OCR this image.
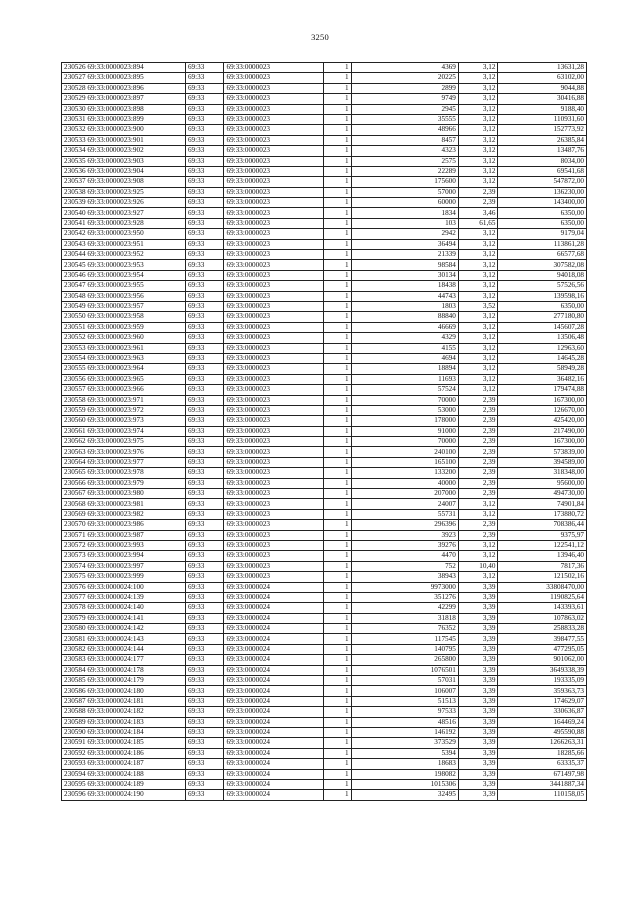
3250
230526 69:33:0000023:894	69:33	69:33:0000023	1	4369	3,12	13631,28
230527 69:33:0000023:895	69:33	69:33:0000023	1	20225	3,12	63102,00
230528 69:33:0000023:896	69:33	69:33:0000023	1	2899	3,12	9044,88
230529 69:33:0000023:897	69:33	69:33:0000023	1	9749	3,12	30416,88
230530 69:33:0000023:898	69:33	69:33:0000023	1	2945	3,12	9188,40
230531 69:33:0000023:899	69:33	69:33:0000023	1	35555	3,12	110931,60
230532 69:33:0000023:900	69:33	69:33:0000023	1	48966	3,12	152773,92
230533 69:33:0000023:901	69:33	69:33:0000023	1	8457	3,12	26385,84
230534 69:33:0000023:902	69:33	69:33:0000023	1	4323	3,12	13487,76
230535 69:33:0000023:903	69:33	69:33:0000023	1	2575	3,12	8034,00
230536 69:33:0000023:904	69:33	69:33:0000023	1	22289	3,12	69541,68
230537 69:33:0000023:908	69:33	69:33:0000023	1	175600	3,12	547872,00
230538 69:33:0000023:925	69:33	69:33:0000023	1	57000	2,39	136230,00
230539 69:33:0000023:926	69:33	69:33:0000023	1	60000	2,39	143400,00
230540 69:33:0000023:927	69:33	69:33:0000023	1	1834	3,46	6350,00
230541 69:33:0000023:928	69:33	69:33:0000023	1	103	61,65	6350,00
230542 69:33:0000023:950	69:33	69:33:0000023	1	2942	3,12	9179,04
230543 69:33:0000023:951	69:33	69:33:0000023	1	36494	3,12	113861,28
230544 69:33:0000023:952	69:33	69:33:0000023	1	21339	3,12	66577,68
230545 69:33:0000023:953	69:33	69:33:0000023	1	98584	3,12	307582,08
230546 69:33:0000023:954	69:33	69:33:0000023	1	30134	3,12	94018,08
230547 69:33:0000023:955	69:33	69:33:0000023	1	18438	3,12	57526,56
230548 69:33:0000023:956	69:33	69:33:0000023	1	44743	3,12	139598,16
230549 69:33:0000023:957	69:33	69:33:0000023	1	1803	3,52	6350,00
230550 69:33:0000023:958	69:33	69:33:0000023	1	88840	3,12	277180,80
230551 69:33:0000023:959	69:33	69:33:0000023	1	46669	3,12	145607,28
230552 69:33:0000023:960	69:33	69:33:0000023	1	4329	3,12	13506,48
230553 69:33:0000023:961	69:33	69:33:0000023	1	4155	3,12	12963,60
230554 69:33:0000023:963	69:33	69:33:0000023	1	4694	3,12	14645,28
230555 69:33:0000023:964	69:33	69:33:0000023	1	18894	3,12	58949,28
230556 69:33:0000023:965	69:33	69:33:0000023	1	11693	3,12	36482,16
230557 69:33:0000023:966	69:33	69:33:0000023	1	57524	3,12	179474,88
230558 69:33:0000023:971	69:33	69:33:0000023	1	70000	2,39	167300,00
230559 69:33:0000023:972	69:33	69:33:0000023	1	53000	2,39	126670,00
230560 69:33:0000023:973	69:33	69:33:0000023	1	178000	2,39	425420,00
230561 69:33:0000023:974	69:33	69:33:0000023	1	91000	2,39	217490,00
230562 69:33:0000023:975	69:33	69:33:0000023	1	70000	2,39	167300,00
230563 69:33:0000023:976	69:33	69:33:0000023	1	240100	2,39	573839,00
230564 69:33:0000023:977	69:33	69:33:0000023	1	165100	2,39	394589,00
230565 69:33:0000023:978	69:33	69:33:0000023	1	133200	2,39	318348,00
230566 69:33:0000023:979	69:33	69:33:0000023	1	40000	2,39	95600,00
230567 69:33:0000023:980	69:33	69:33:0000023	1	207000	2,39	494730,00
230568 69:33:0000023:981	69:33	69:33:0000023	1	24007	3,12	74901,84
230569 69:33:0000023:982	69:33	69:33:0000023	1	55731	3,12	173880,72
230570 69:33:0000023:986	69:33	69:33:0000023	1	296396	2,39	708386,44
230571 69:33:0000023:987	69:33	69:33:0000023	1	3923	2,39	9375,97
230572 69:33:0000023:993	69:33	69:33:0000023	1	39276	3,12	122541,12
230573 69:33:0000023:994	69:33	69:33:0000023	1	4470	3,12	13946,40
230574 69:33:0000023:997	69:33	69:33:0000023	1	752	10,40	7817,36
230575 69:33:0000023:999	69:33	69:33:0000023	1	38943	3,12	121502,16
230576 69:33:0000024:100	69:33	69:33:0000024	1	9973000	3,39	33808470,00
230577 69:33:0000024:139	69:33	69:33:0000024	1	351276	3,39	1190825,64
230578 69:33:0000024:140	69:33	69:33:0000024	1	42299	3,39	143393,61
230579 69:33:0000024:141	69:33	69:33:0000024	1	31818	3,39	107863,02
230580 69:33:0000024:142	69:33	69:33:0000024	1	76352	3,39	258833,28
230581 69:33:0000024:143	69:33	69:33:0000024	1	117545	3,39	398477,55
230582 69:33:0000024:144	69:33	69:33:0000024	1	140795	3,39	477295,05
230583 69:33:0000024:177	69:33	69:33:0000024	1	265800	3,39	901062,00
230584 69:33:0000024:178	69:33	69:33:0000024	1	1076501	3,39	3649338,39
230585 69:33:0000024:179	69:33	69:33:0000024	1	57031	3,39	193335,09
230586 69:33:0000024:180	69:33	69:33:0000024	1	106007	3,39	359363,73
230587 69:33:0000024:181	69:33	69:33:0000024	1	51513	3,39	174629,07
230588 69:33:0000024:182	69:33	69:33:0000024	1	97533	3,39	330636,87
230589 69:33:0000024:183	69:33	69:33:0000024	1	48516	3,39	164469,24
230590 69:33:0000024:184	69:33	69:33:0000024	1	146192	3,39	495590,88
230591 69:33:0000024:185	69:33	69:33:0000024	1	373529	3,39	1266263,31
230592 69:33:0000024:186	69:33	69:33:0000024	1	5394	3,39	18285,66
230593 69:33:0000024:187	69:33	69:33:0000024	1	18683	3,39	63335,37
230594 69:33:0000024:188	69:33	69:33:0000024	1	198082	3,39	671497,98
230595 69:33:0000024:189	69:33	69:33:0000024	1	1015306	3,39	3441887,34
230596 69:33:0000024:190	69:33	69:33:0000024	1	32495	3,39	110158,05
